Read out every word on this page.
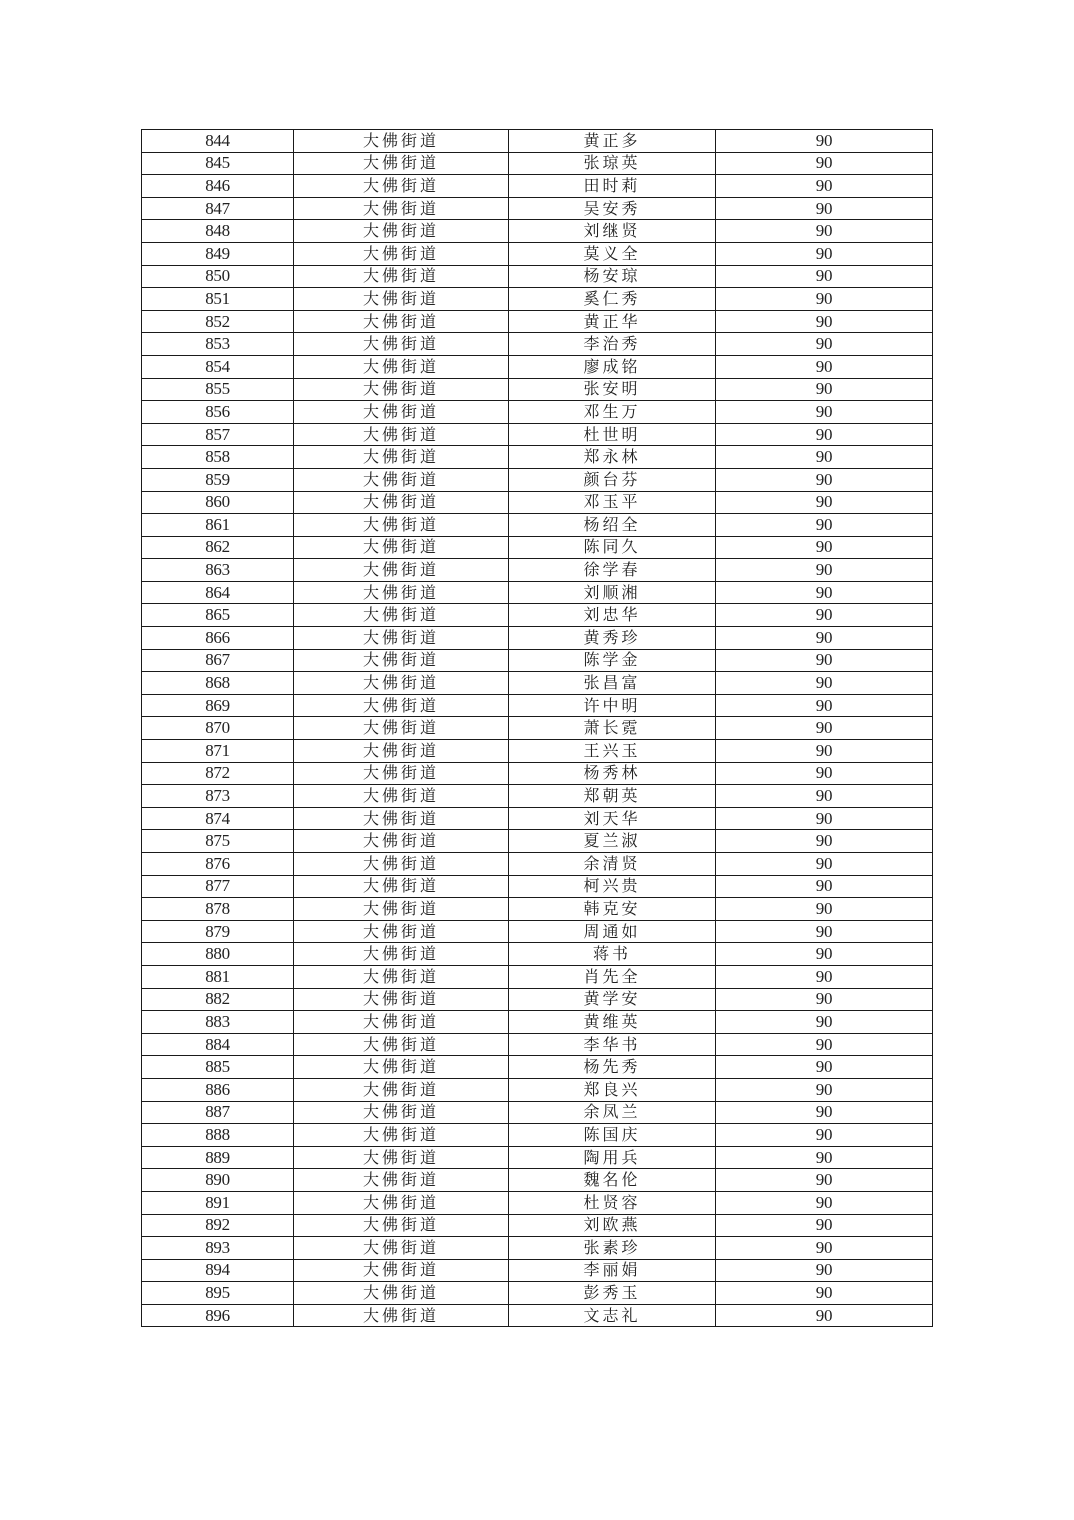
844	大佛街道	黄正多	90
845	大佛街道	张琼英	90
846	大佛街道	田时莉	90
847	大佛街道	吴安秀	90
848	大佛街道	刘继贤	90
849	大佛街道	莫义全	90
850	大佛街道	杨安琼	90
851	大佛街道	奚仁秀	90
852	大佛街道	黄正华	90
853	大佛街道	李治秀	90
854	大佛街道	廖成铭	90
855	大佛街道	张安明	90
856	大佛街道	邓生万	90
857	大佛街道	杜世明	90
858	大佛街道	郑永林	90
859	大佛街道	颜台芬	90
860	大佛街道	邓玉平	90
861	大佛街道	杨绍全	90
862	大佛街道	陈同久	90
863	大佛街道	徐学春	90
864	大佛街道	刘顺湘	90
865	大佛街道	刘忠华	90
866	大佛街道	黄秀珍	90
867	大佛街道	陈学金	90
868	大佛街道	张昌富	90
869	大佛街道	许中明	90
870	大佛街道	萧长霓	90
871	大佛街道	王兴玉	90
872	大佛街道	杨秀林	90
873	大佛街道	郑朝英	90
874	大佛街道	刘天华	90
875	大佛街道	夏兰淑	90
876	大佛街道	余清贤	90
877	大佛街道	柯兴贵	90
878	大佛街道	韩克安	90
879	大佛街道	周通如	90
880	大佛街道	蒋书	90
881	大佛街道	肖先全	90
882	大佛街道	黄学安	90
883	大佛街道	黄维英	90
884	大佛街道	李华书	90
885	大佛街道	杨先秀	90
886	大佛街道	郑良兴	90
887	大佛街道	余凤兰	90
888	大佛街道	陈国庆	90
889	大佛街道	陶用兵	90
890	大佛街道	魏名伦	90
891	大佛街道	杜贤容	90
892	大佛街道	刘欧燕	90
893	大佛街道	张素珍	90
894	大佛街道	李丽娟	90
895	大佛街道	彭秀玉	90
896	大佛街道	文志礼	90
